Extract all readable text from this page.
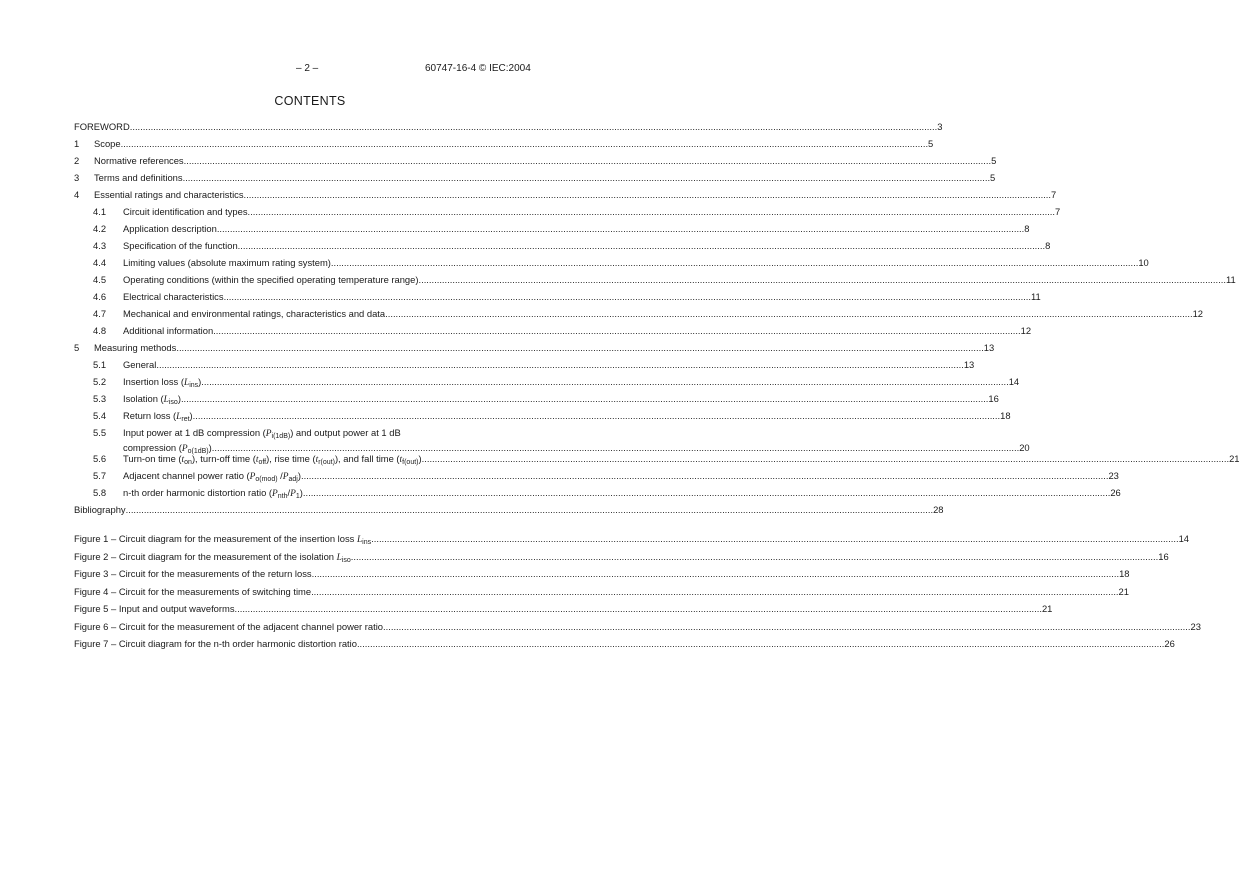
– 2 –	60747-16-4 © IEC:2004
CONTENTS
FOREWORD .....	3
1	Scope .....	5
2	Normative references .....	5
3	Terms and definitions .....	5
4	Essential ratings and characteristics .....	7
4.1	Circuit identification and types .....	7
4.2	Application description .....	8
4.3	Specification of the function .....	8
4.4	Limiting values (absolute maximum rating system) .....	10
4.5	Operating conditions (within the specified operating temperature range) .....	11
4.6	Electrical characteristics .....	11
4.7	Mechanical and environmental ratings, characteristics and data .....	12
4.8	Additional information .....	12
5	Measuring methods .....	13
5.1	General .....	13
5.2	Insertion loss $(L_{ins})$ .....	14
5.3	Isolation $(L_{iso})$ .....	16
5.4	Return loss $(L_{ret})$ .....	18
5.5	Input power at 1 dB compression $(P_{i(1dB)})$ and output power at 1 dB
compression $(P_{o(1dB)})$ .....	20
5.6	Turn-on time $(t_{on})$, turn-off time $(t_{off})$, rise time $(t_{r(out)})$, and fall time $(t_{f(out)})$ .....	21
5.7	Adjacent channel power ratio ($P_{o(mod)}$ $/P_{adj}$) .....	23
5.8	n-th order harmonic distortion ratio $(P_{nth}/P_1)$ .....	26
Bibliography .....	28
Figure 1 – Circuit diagram for the measurement of the insertion loss $L_{ins}$ .....	14
Figure 2 – Circuit diagram for the measurement of the isolation $L_{iso}$ .....	16
Figure 3 – Circuit for the measurements of the return loss .....	18
Figure 4 – Circuit for the measurements of switching time .....	21
Figure 5 – Input and output waveforms .....	21
Figure 6 – Circuit for the measurement of the adjacent channel power ratio .....	23
Figure 7 – Circuit diagram for the n-th order harmonic distortion ratio .....	26
